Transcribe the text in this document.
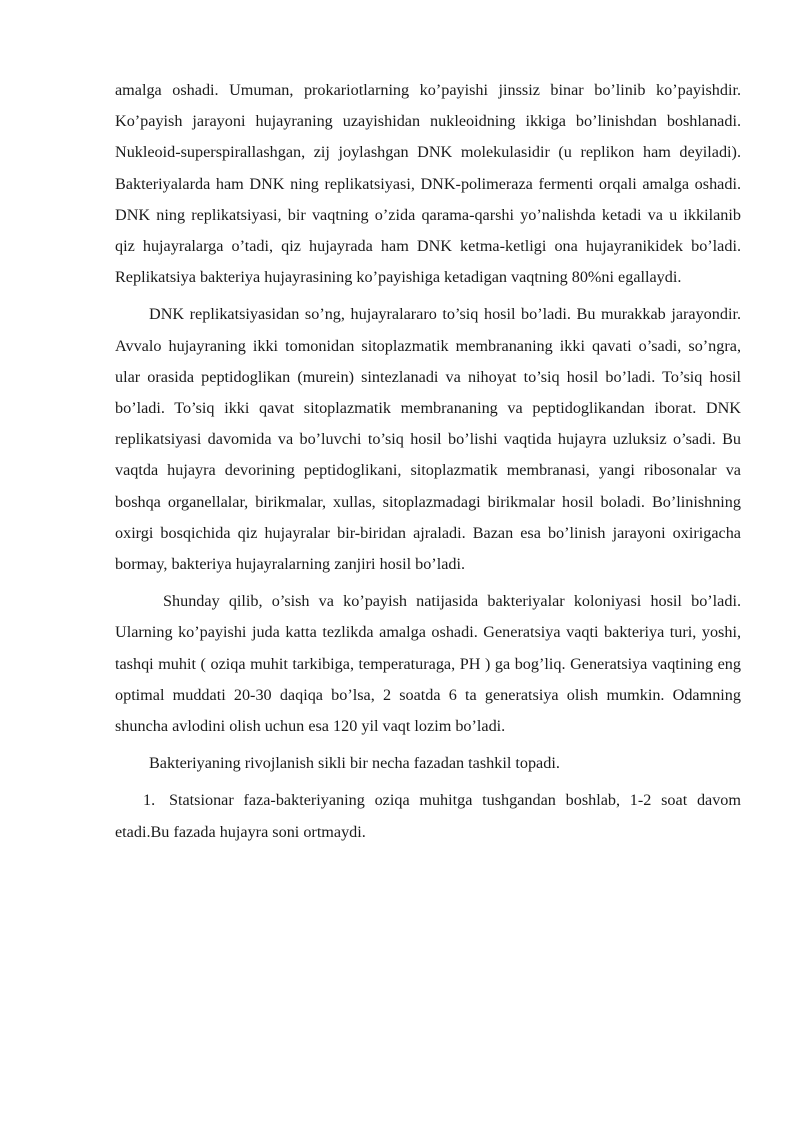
amalga oshadi. Umuman, prokariotlarning ko’payishi jinssiz binar bo’linib ko’payishdir. Ko’payish jarayoni hujayraning uzayishidan nukleoidning ikkiga bo’linishdan boshlanadi. Nukleoid-superspirallashgan, zij joylashgan DNK molekulasidir (u replikon ham deyiladi). Bakteriyalarda ham DNK ning replikatsiyasi, DNK-polimeraza fermenti orqali amalga oshadi. DNK ning replikatsiyasi, bir vaqtning o’zida qarama-qarshi yo’nalishda ketadi va u ikkilanib qiz hujayralarga o’tadi, qiz hujayrada ham DNK ketma-ketligi ona hujayranikidek bo’ladi. Replikatsiya bakteriya hujayrasining ko’payishiga ketadigan vaqtning 80%ni egallaydi.

DNK replikatsiyasidan so’ng, hujayralararo to’siq hosil bo’ladi. Bu murakkab jarayondir. Avvalo hujayraning ikki tomonidan sitoplazmatik membrananing ikki qavati o’sadi, so’ngra, ular orasida peptidoglikan (murein) sintezlanadi va nihoyat to’siq hosil bo’ladi. To’siq hosil bo’ladi. To’siq ikki qavat sitoplazmatik membrananing va peptidoglikandan iborat. DNK replikatsiyasi davomida va bo’luvchi to’siq hosil bo’lishi vaqtida hujayra uzluksiz o’sadi. Bu vaqtda hujayra devorining peptidoglikani, sitoplazmatik membranasi, yangi ribosonalar va boshqa organellalar, birikmalar, xullas, sitoplazmadagi birikmalar hosil boladi. Bo’linishning oxirgi bosqichida qiz hujayralar bir-biridan ajraladi. Bazan esa bo’linish jarayoni oxirigacha bormay, bakteriya hujayralarning zanjiri hosil bo’ladi.

Shunday qilib, o’sish va ko’payish natijasida bakteriyalar koloniyasi hosil bo’ladi. Ularning ko’payishi juda katta tezlikda amalga oshadi. Generatsiya vaqti bakteriya turi, yoshi, tashqi muhit ( oziqa muhit tarkibiga, temperaturaga, PH ) ga bog’liq. Generatsiya vaqtining eng optimal muddati 20-30 daqiqa bo’lsa, 2 soatda 6 ta generatsiya olish mumkin. Odamning shuncha avlodini olish uchun esa 120 yil vaqt lozim bo’ladi.

Bakteriyaning rivojlanish sikli bir necha fazadan tashkil topadi.

1. Statsionar faza-bakteriyaning oziqa muhitga tushgandan boshlab, 1-2 soat davom etadi.Bu fazada hujayra soni ortmaydi.
